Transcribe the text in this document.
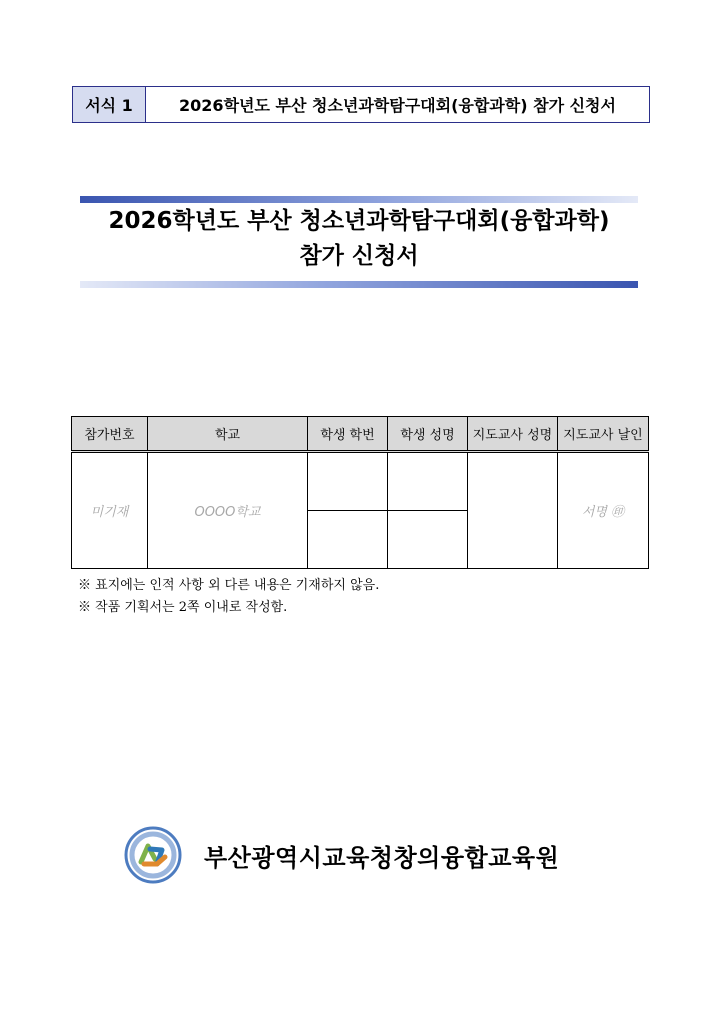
서식 1	2026학년도 부산 청소년과학탐구대회(융합과학) 참가 신청서
2026학년도 부산 청소년과학탐구대회(융합과학)
참가 신청서
참가번호	학교	학생 학번	학생 성명	지도교사 성명	지도교사 날인
미기재	OOOO학교				서명 ㊞

※ 표지에는 인적 사항 외 다른 내용은 기재하지 않음.
※ 작품 기획서는 2쪽 이내로 작성함.
부산광역시교육청창의융합교육원
